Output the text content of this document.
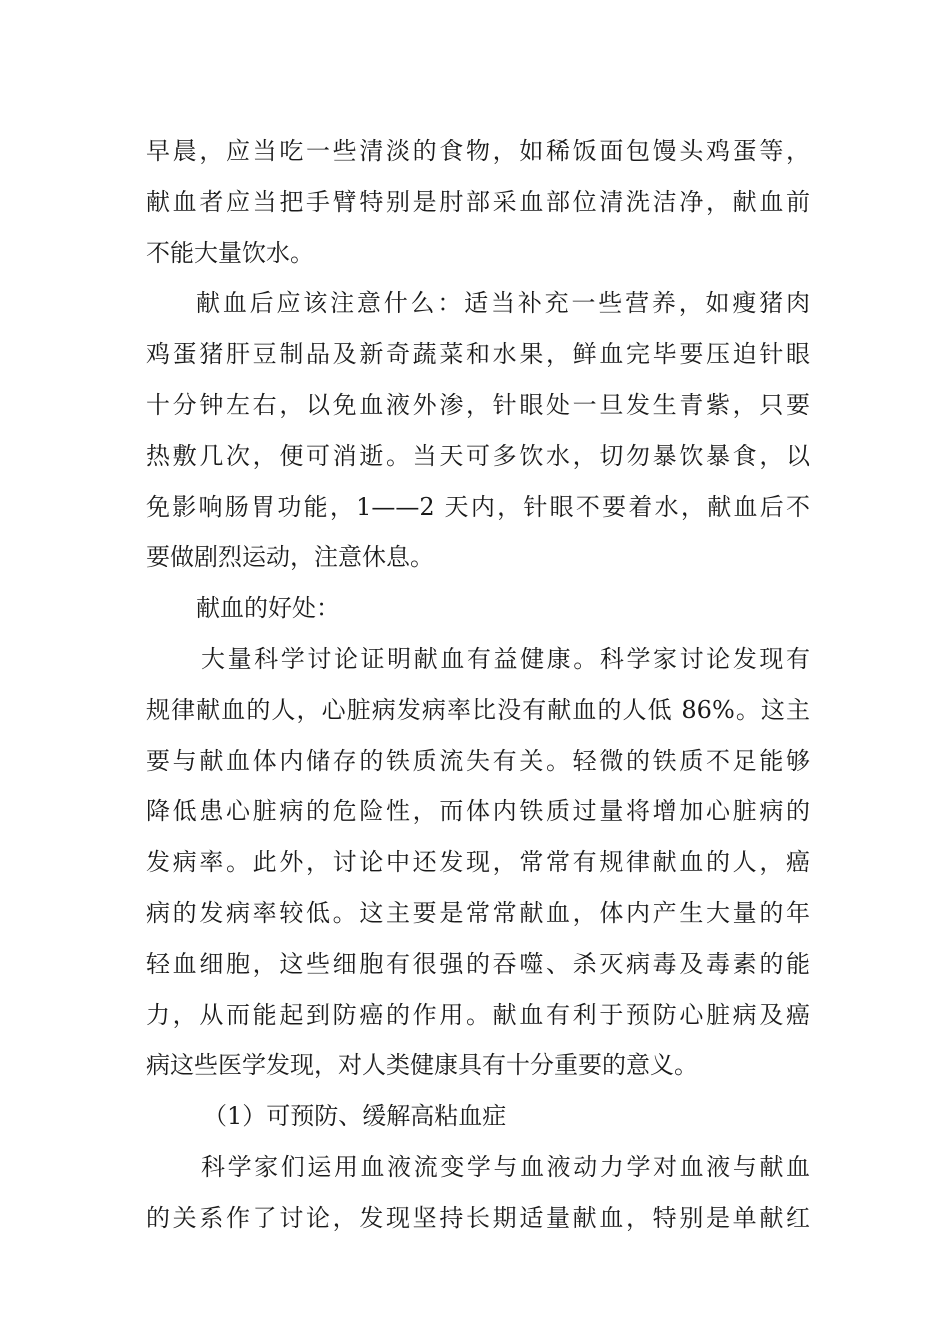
早晨，应当吃一些清淡的食物，如稀饭面包馒头鸡蛋等，
献血者应当把手臂特别是肘部采血部位清洗洁净，献血前
不能大量饮水。
献血后应该注意什么：适当补充一些营养，如瘦猪肉
鸡蛋猪肝豆制品及新奇蔬菜和水果，鲜血完毕要压迫针眼
十分钟左右，以免血液外渗，针眼处一旦发生青紫，只要
热敷几次，便可消逝。当天可多饮水，切勿暴饮暴食，以
免影响肠胃功能，1——2 天内，针眼不要着水，献血后不
要做剧烈运动，注意休息。
献血的好处：
大量科学讨论证明献血有益健康。科学家讨论发现有
规律献血的人，心脏病发病率比没有献血的人低 86%。这主
要与献血体内储存的铁质流失有关。轻微的铁质不足能够
降低患心脏病的危险性，而体内铁质过量将增加心脏病的
发病率。此外，讨论中还发现，常常有规律献血的人，癌
病的发病率较低。这主要是常常献血，体内产生大量的年
轻血细胞，这些细胞有很强的吞噬、杀灭病毒及毒素的能
力，从而能起到防癌的作用。献血有利于预防心脏病及癌
病这些医学发现，对人类健康具有十分重要的意义。
（1）可预防、缓解高粘血症
科学家们运用血液流变学与血液动力学对血液与献血
的关系作了讨论，发现坚持长期适量献血，特别是单献红
